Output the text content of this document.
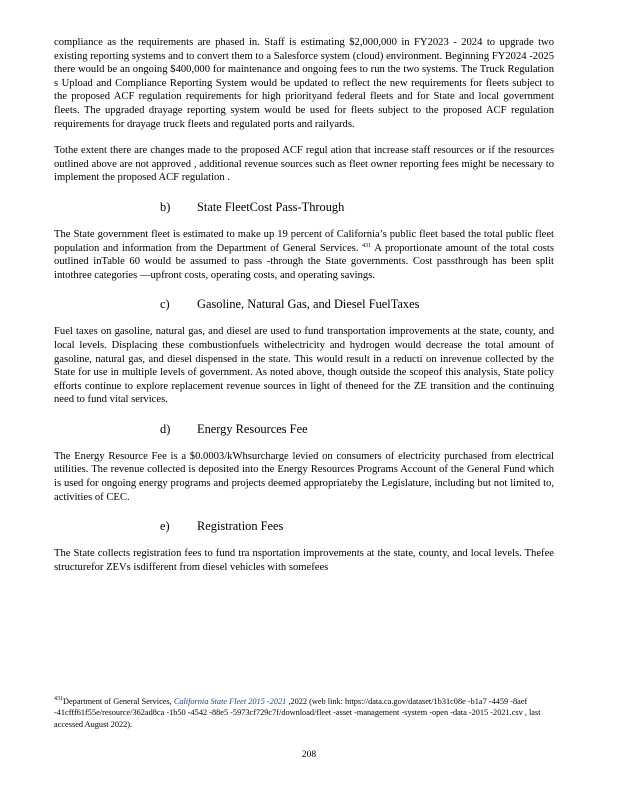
compliance as the requirements are phased in. Staff is estimating $2,000,000 in FY2023 - 2024 to upgrade two existing reporting systems and to convert them to a Salesforce system (cloud) environment. Beginning FY2024 -2025 there would be an ongoing $400,000 for maintenance and ongoing fees to run the two systems. The Truck Regulation s Upload and Compliance Reporting System would be updated to reflect the new requirements for fleets subject to the proposed ACF regulation requirements for high priorityand federal fleets and for State and local government fleets. The upgraded drayage reporting system would be used for fleets subject to the proposed ACF regulation requirements for drayage truck fleets and regulated ports and railyards.

Tothe extent there are changes made to the proposed ACF regul ation that increase staff resources or if the resources outlined above are not approved , additional revenue sources such as fleet owner reporting fees might be necessary to implement the proposed ACF regulation .

b) State FleetCost Pass-Through

The State government fleet is estimated to make up 19 percent of California’s public fleet based the total public fleet population and information from the Department of General Services. $^{431}$ A proportionate amount of the total costs outlined inTable 60 would be assumed to pass -through the State governments. Cost passthrough has been split intothree categories —upfront costs, operating costs, and operating savings.

c) Gasoline, Natural Gas, and Diesel FuelTaxes

Fuel taxes on gasoline, natural gas, and diesel are used to fund transportation improvements at the state, county, and local levels. Displacing these combustionfuels withelectricity and hydrogen would decrease the total amount of gasoline, natural gas, and diesel dispensed in the state. This would result in a reducti on inrevenue collected by the State for use in multiple levels of government. As noted above, though outside the scopeof this analysis, State policy efforts continue to explore replacement revenue sources in light of theneed for the ZE transition and the continuing need to fund vital services.

d) Energy Resources Fee

The Energy Resource Fee is a $0.0003/kWhsurcharge levied on consumers of electricity purchased from electrical utilities. The revenue collected is deposited into the Energy Resources Programs Account of the General Fund which is used for ongoing energy programs and projects deemed appropriateby the Legislature, including but not limited to, activities of CEC.

e) Registration Fees

The State collects registration fees to fund tra nsportation improvements at the state, county, and local levels. Thefee structurefor ZEVs isdifferent from diesel vehicles with somefees

$^{431}$Department of General Services, California State Fleet 2015 -2021 ,2022 (web link: https://data.ca.gov/dataset/1b31c08e -b1a7 -4459 -8aef -41cfff61f55e/resource/362ad8ca -1b50 -4542 -88e5 -5973cf729c7f/download/fleet -asset -management -system -open -data -2015 -2021.csv , last accessed August 2022).
208
